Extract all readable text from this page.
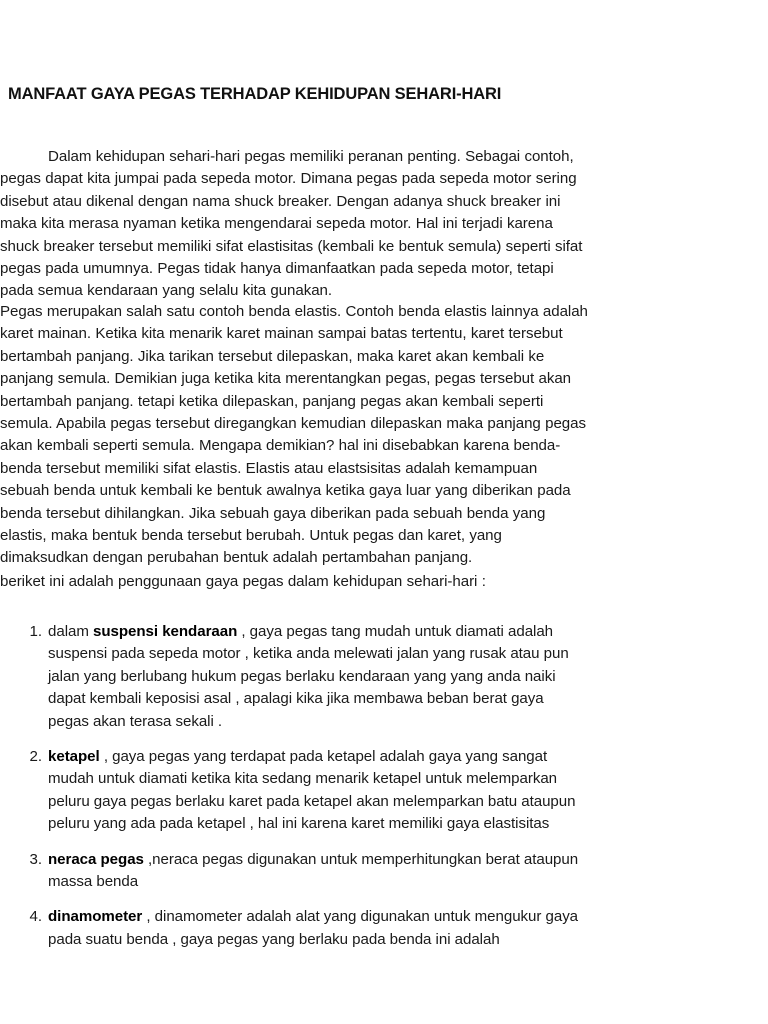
MANFAAT GAYA PEGAS TERHADAP KEHIDUPAN SEHARI-HARI

Dalam kehidupan sehari-hari pegas memiliki peranan penting. Sebagai contoh, pegas dapat kita jumpai pada sepeda motor. Dimana pegas pada sepeda motor sering disebut atau dikenal dengan nama shuck breaker. Dengan adanya shuck breaker ini maka kita merasa nyaman ketika mengendarai sepeda motor. Hal ini terjadi karena shuck breaker tersebut memiliki sifat elastisitas (kembali ke bentuk semula) seperti sifat pegas pada umumnya. Pegas tidak hanya dimanfaatkan pada sepeda motor, tetapi pada semua kendaraan yang selalu kita gunakan.

Pegas merupakan salah satu contoh benda elastis. Contoh benda elastis lainnya adalah karet mainan. Ketika kita menarik karet mainan sampai batas tertentu, karet tersebut bertambah panjang. Jika tarikan tersebut dilepaskan, maka karet akan kembali ke panjang semula. Demikian juga ketika kita merentangkan pegas, pegas tersebut akan bertambah panjang. tetapi ketika dilepaskan, panjang pegas akan kembali seperti semula. Apabila pegas tersebut diregangkan kemudian dilepaskan maka panjang pegas akan kembali seperti semula. Mengapa demikian? hal ini disebabkan karena benda-benda tersebut memiliki sifat elastis. Elastis atau elastsisitas adalah kemampuan sebuah benda untuk kembali ke bentuk awalnya ketika gaya luar yang diberikan pada benda tersebut dihilangkan. Jika sebuah gaya diberikan pada sebuah benda yang elastis, maka bentuk benda tersebut berubah. Untuk pegas dan karet, yang dimaksudkan dengan perubahan bentuk adalah pertambahan panjang.

beriket ini adalah penggunaan gaya pegas dalam kehidupan sehari-hari :

1. dalam suspensi kendaraan , gaya pegas tang mudah untuk diamati adalah suspensi pada sepeda motor , ketika anda melewati jalan yang rusak atau pun jalan yang berlubang hukum pegas berlaku kendaraan yang yang anda naiki dapat kembali keposisi asal , apalagi kika jika membawa beban berat gaya pegas akan terasa sekali .
2. ketapel , gaya pegas yang terdapat pada ketapel adalah gaya yang sangat mudah untuk diamati ketika kita sedang menarik ketapel untuk melemparkan peluru gaya pegas berlaku karet pada ketapel akan melemparkan batu ataupun peluru yang ada pada ketapel , hal ini karena karet memiliki gaya elastisitas
3. neraca pegas ,neraca pegas digunakan untuk memperhitungkan berat ataupun massa benda
4. dinamometer , dinamometer adalah alat yang digunakan untuk mengukur gaya pada suatu benda , gaya pegas yang berlaku pada benda ini adalah
